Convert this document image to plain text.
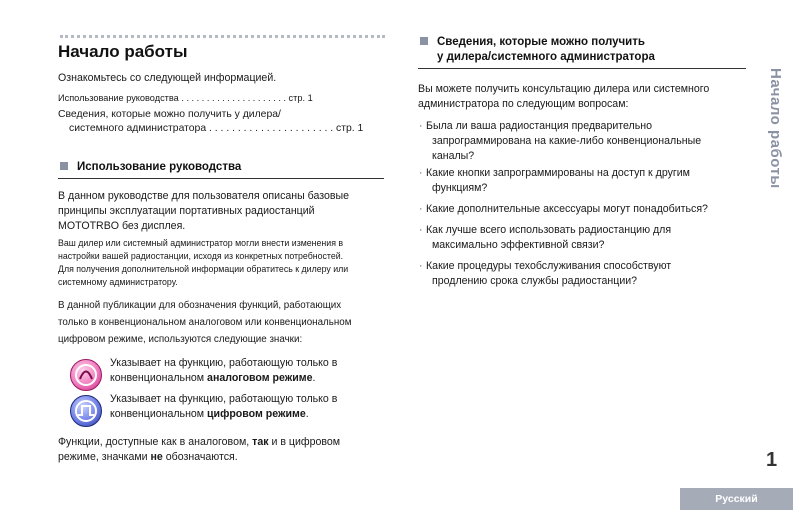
Начало работы
Ознакомьтесь со следующей информацией.
Использование руководства . . . . . . . . . . . . . . . . . . . . . стр. 1
Сведения, которые можно получить у дилера/
системного администратора . . . . . . . . . . . . . . . . . . . . . . стр. 1
Использование руководства
В данном руководстве для пользователя описаны базовые
принципы эксплуатации портативных радиостанций
MOTOTRBO без дисплея.
Ваш дилер или системный администратор могли внести изменения в
настройки вашей радиостанции, исходя из конкретных потребностей.
Для получения дополнительной информации обратитесь к дилеру или
системному администратору.
В данной публикации для обозначения функций, работающих
только в конвенциональном аналоговом или конвенциональном
цифровом режиме, используются следующие значки:
Указывает на функцию, работающую только в
конвенциональном аналоговом режиме.
Указывает на функцию, работающую только в
конвенциональном цифровом режиме.
Функции, доступные как в аналоговом, так и в цифровом
режиме, значками не обозначаются.
Сведения, которые можно получить
у дилера/системного администратора
Вы можете получить консультацию дилера или системного
администратора по следующим вопросам:
· Была ли ваша радиостанция предварительно
запрограммирована на какие-либо конвенциональные
каналы?
· Какие кнопки запрограммированы на доступ к другим
функциям?
· Какие дополнительные аксессуары могут понадобиться?
· Как лучше всего использовать радиостанцию для
максимально эффективной связи?
· Какие процедуры техобслуживания способствуют
продлению срока службы радиостанции?
Начало работы
1
Русский
